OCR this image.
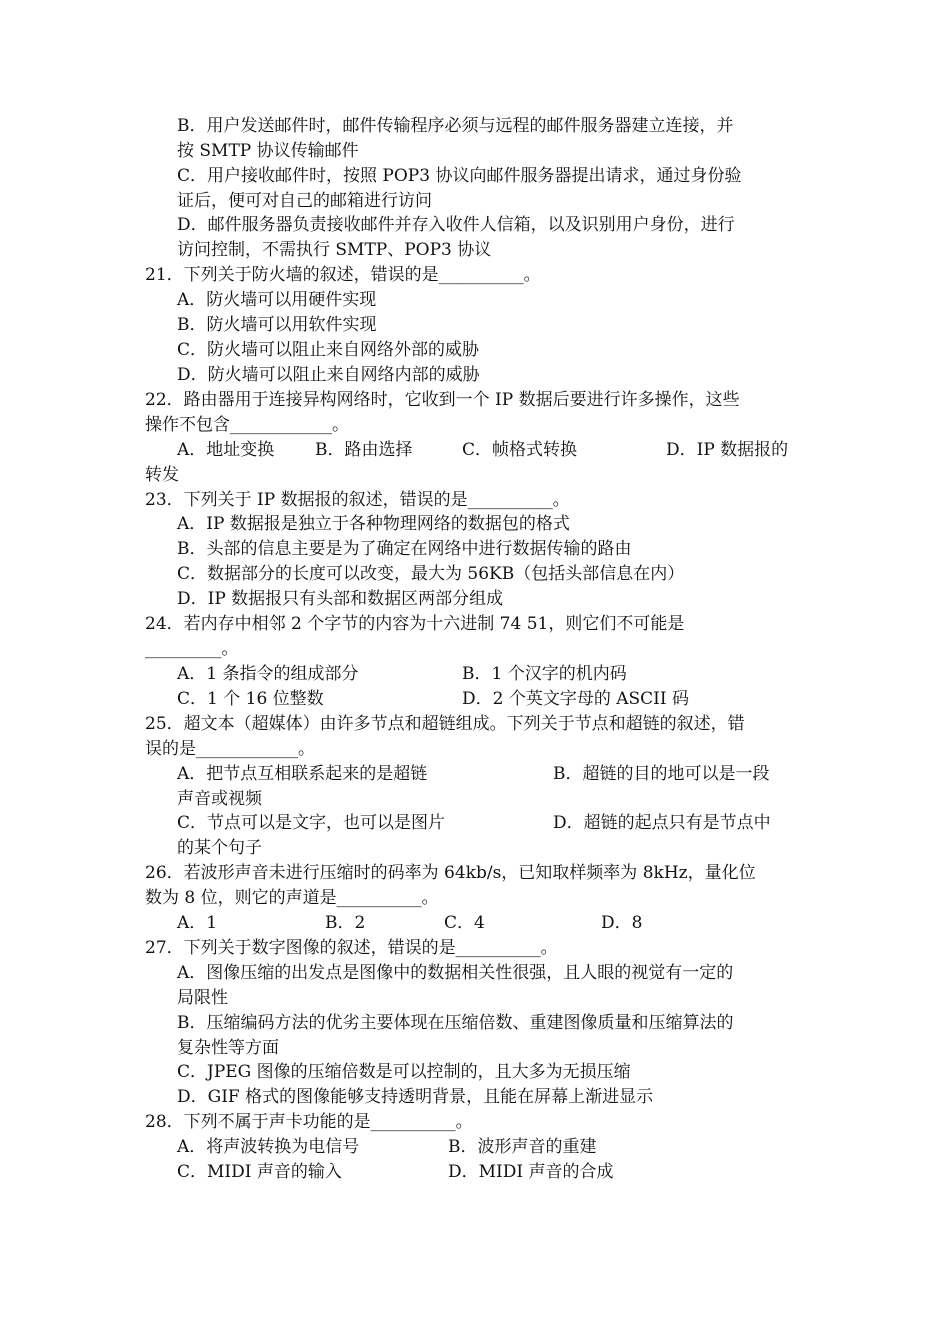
B．用户发送邮件时，邮件传输程序必须与远程的邮件服务器建立连接，并
按 SMTP 协议传输邮件
C．用户接收邮件时，按照 POP3 协议向邮件服务器提出请求，通过身份验
证后，便可对自己的邮箱进行访问
D．邮件服务器负责接收邮件并存入收件人信箱，以及识别用户身份，进行
访问控制，不需执行 SMTP、POP3 协议
21．下列关于防火墙的叙述，错误的是__________。
A．防火墙可以用硬件实现
B．防火墙可以用软件实现
C．防火墙可以阻止来自网络外部的威胁
D．防火墙可以阻止来自网络内部的威胁
22．路由器用于连接异构网络时，它收到一个 IP 数据后要进行许多操作，这些
操作不包含____________。
A．地址变换 B．路由选择	C．帧格式转换	D．IP 数据报的
转发
23．下列关于 IP 数据报的叙述，错误的是__________。
A．IP 数据报是独立于各种物理网络的数据包的格式
B．头部的信息主要是为了确定在网络中进行数据传输的路由
C．数据部分的长度可以改变，最大为 56KB（包括头部信息在内）
D．IP 数据报只有头部和数据区两部分组成
24．若内存中相邻 2 个字节的内容为十六进制 74 51，则它们不可能是
_________。
A．1 条指令的组成部分	B．1 个汉字的机内码
C．1 个 16 位整数	D．2 个英文字母的 ASCII 码
25．超文本（超媒体）由许多节点和超链组成。下列关于节点和超链的叙述，错
误的是____________。
A．把节点互相联系起来的是超链	B．超链的目的地可以是一段
声音或视频
C．节点可以是文字，也可以是图片	D．超链的起点只有是节点中
的某个句子
26．若波形声音未进行压缩时的码率为 64kb/s，已知取样频率为 8kHz，量化位
数为 8 位，则它的声道是__________。
A．1	B．2	C．4	D．8
27．下列关于数字图像的叙述，错误的是__________。
A．图像压缩的出发点是图像中的数据相关性很强，且人眼的视觉有一定的
局限性
B．压缩编码方法的优劣主要体现在压缩倍数、重建图像质量和压缩算法的
复杂性等方面
C．JPEG 图像的压缩倍数是可以控制的，且大多为无损压缩
D．GIF 格式的图像能够支持透明背景，且能在屏幕上渐进显示
28．下列不属于声卡功能的是__________。
A．将声波转换为电信号	B．波形声音的重建
C．MIDI 声音的输入	D．MIDI 声音的合成
